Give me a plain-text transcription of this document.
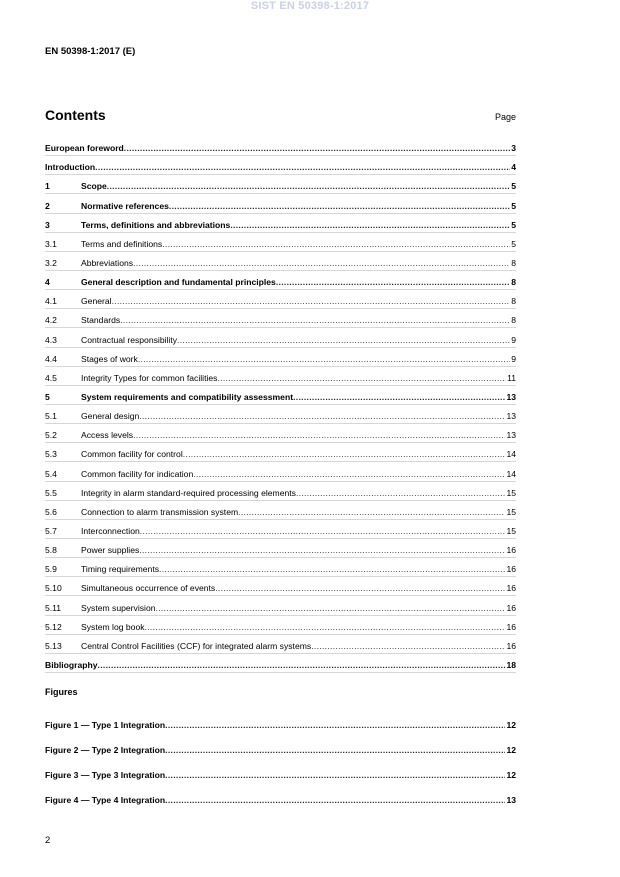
SIST EN 50398-1:2017
EN 50398-1:2017 (E)
Contents	Page
European foreword .....	3
Introduction .....	4
1	Scope .....	5
2	Normative references .....	5
3	Terms, definitions and abbreviations .....	5
3.1	Terms and definitions .....	5
3.2	Abbreviations .....	8
4	General description and fundamental principles .....	8
4.1	General .....	8
4.2	Standards .....	8
4.3	Contractual responsibility .....	9
4.4	Stages of work .....	9
4.5	Integrity Types for common facilities .....	11
5	System requirements and compatibility assessment .....	13
5.1	General design .....	13
5.2	Access levels .....	13
5.3	Common facility for control .....	14
5.4	Common facility for indication .....	14
5.5	Integrity in alarm standard-required processing elements .....	15
5.6	Connection to alarm transmission system .....	15
5.7	Interconnection .....	15
5.8	Power supplies .....	16
5.9	Timing requirements .....	16
5.10	Simultaneous occurrence of events .....	16
5.11	System supervision .....	16
5.12	System log book .....	16
5.13	Central Control Facilities (CCF) for integrated alarm systems .....	16
Bibliography .....	18
Figures
Figure 1 — Type 1 Integration .....	12
Figure 2 — Type 2 Integration .....	12
Figure 3 — Type 3 Integration .....	12
Figure 4 — Type 4 Integration .....	13
2
